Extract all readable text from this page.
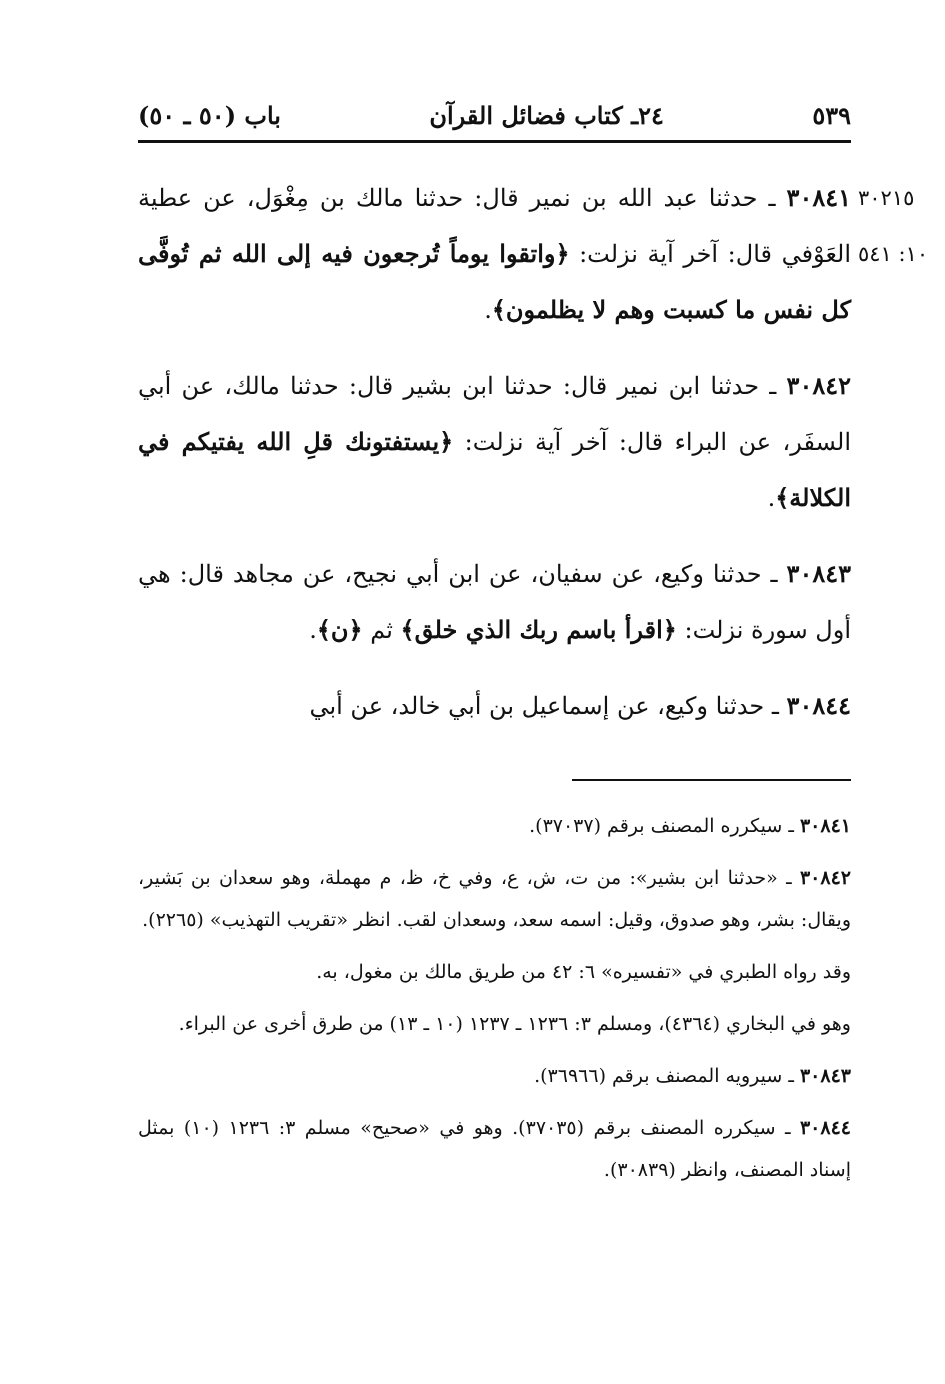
باب (٥٠ ـ ٥٠)	٢٤ـ كتاب فضائل القرآن	٥٣٩
٣٠٢١٥
١٠: ٥٤١

٣٠٨٤١ ـ حدثنا عبد الله بن نمير قال: حدثنا مالك بن مِغْوَل، عن عطية العَوْفي قال: آخر آية نزلت: ﴿واتقوا يوماً تُرجعون فيه إلى الله ثم تُوفَّى كل نفس ما كسبت وهم لا يظلمون﴾.

٣٠٨٤٢ ـ حدثنا ابن نمير قال: حدثنا ابن بشير قال: حدثنا مالك، عن أبي السفَر، عن البراء قال: آخر آية نزلت: ﴿يستفتونك قلِ الله يفتيكم في الكلالة﴾.

٣٠٨٤٣ ـ حدثنا وكيع، عن سفيان، عن ابن أبي نجيح، عن مجاهد قال: هي أول سورة نزلت: ﴿اقرأ باسم ربك الذي خلق﴾ ثم ﴿ن﴾.

٣٠٨٤٤ ـ حدثنا وكيع، عن إسماعيل بن أبي خالد، عن أبي

٣٠٨٤١ ـ سيكرره المصنف برقم (٣٧٠٣٧).

٣٠٨٤٢ ـ «حدثنا ابن بشير»: من ت، ش، ع، وفي خ، ظ، م مهملة، وهو سعدان بن بَشير، ويقال: بشر، وهو صدوق، وقيل: اسمه سعد، وسعدان لقب. انظر «تقريب التهذيب» (٢٢٦٥).

وقد رواه الطبري في «تفسيره» ٦: ٤٢ من طريق مالك بن مغول، به.

وهو في البخاري (٤٣٦٤)، ومسلم ٣: ١٢٣٦ ـ ١٢٣٧ (١٠ ـ ١٣) من طرق أخرى عن البراء.

٣٠٨٤٣ ـ سيرويه المصنف برقم (٣٦٩٦٦).

٣٠٨٤٤ ـ سيكرره المصنف برقم (٣٧٠٣٥). وهو في «صحيح» مسلم ٣: ١٢٣٦ (١٠) بمثل إسناد المصنف، وانظر (٣٠٨٣٩).
